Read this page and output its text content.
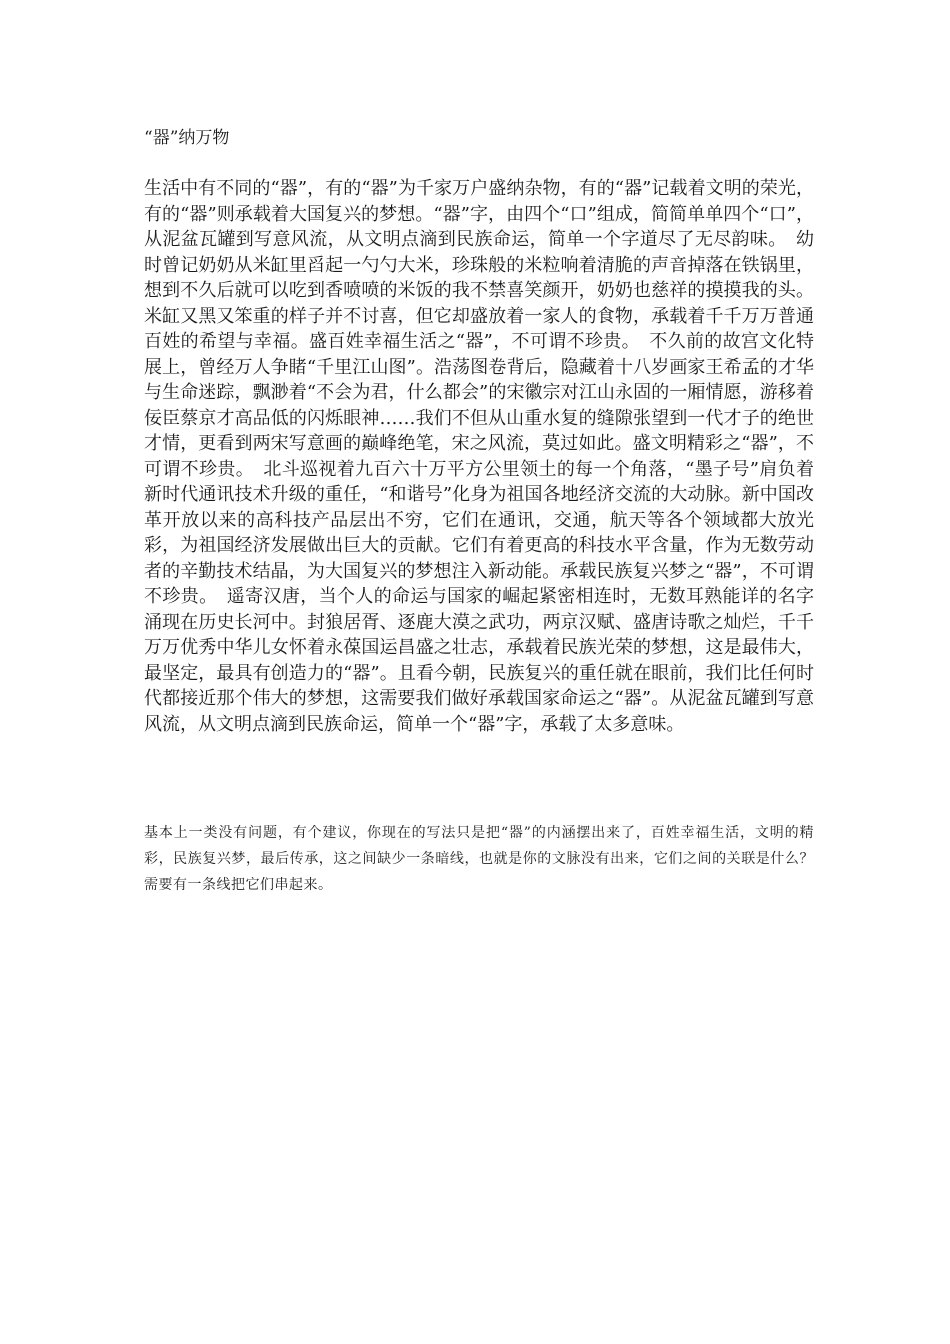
“器”纳万物

生活中有不同的“器”，有的“器”为千家万户盛纳杂物，有的“器”记载着文明的荣光，有的“器”则承载着大国复兴的梦想。“器”字，由四个“口”组成，简简单单四个“口”，从泥盆瓦罐到写意风流，从文明点滴到民族命运，简单一个字道尽了无尽韵味。　幼时曾记奶奶从米缸里舀起一勺勺大米，珍珠般的米粒响着清脆的声音掉落在铁锅里，想到不久后就可以吃到香喷喷的米饭的我不禁喜笑颜开，奶奶也慈祥的摸摸我的头。米缸又黑又笨重的样子并不讨喜，但它却盛放着一家人的食物，承载着千千万万普通百姓的希望与幸福。盛百姓幸福生活之“器”，不可谓不珍贵。　不久前的故宫文化特展上，曾经万人争睹“千里江山图”。浩荡图卷背后，隐藏着十八岁画家王希孟的才华与生命迷踪，飘渺着“不会为君，什么都会”的宋徽宗对江山永固的一厢情愿，游移着佞臣蔡京才高品低的闪烁眼神……我们不但从山重水复的缝隙张望到一代才子的绝世才情，更看到两宋写意画的巅峰绝笔，宋之风流，莫过如此。盛文明精彩之“器”，不可谓不珍贵。　北斗巡视着九百六十万平方公里领土的每一个角落，“墨子号”肩负着新时代通讯技术升级的重任，“和谐号”化身为祖国各地经济交流的大动脉。新中国改革开放以来的高科技产品层出不穷，它们在通讯，交通，航天等各个领域都大放光彩，为祖国经济发展做出巨大的贡献。它们有着更高的科技水平含量，作为无数劳动者的辛勤技术结晶，为大国复兴的梦想注入新动能。承载民族复兴梦之“器”，不可谓不珍贵。　遥寄汉唐，当个人的命运与国家的崛起紧密相连时，无数耳熟能详的名字涌现在历史长河中。封狼居胥、逐鹿大漠之武功，两京汉赋、盛唐诗歌之灿烂，千千万万优秀中华儿女怀着永葆国运昌盛之壮志，承载着民族光荣的梦想，这是最伟大，最坚定，最具有创造力的“器”。且看今朝，民族复兴的重任就在眼前，我们比任何时代都接近那个伟大的梦想，这需要我们做好承载国家命运之“器”。从泥盆瓦罐到写意风流，从文明点滴到民族命运，简单一个“器”字，承载了太多意味。

基本上一类没有问题，有个建议，你现在的写法只是把“器”的内涵摆出来了，百姓幸福生活，文明的精彩，民族复兴梦，最后传承，这之间缺少一条暗线，也就是你的文脉没有出来，它们之间的关联是什么？需要有一条线把它们串起来。
